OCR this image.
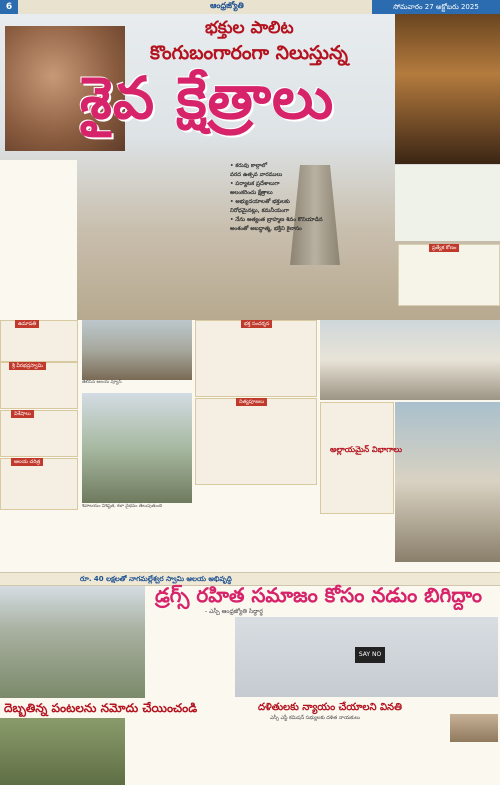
6	ఆంధ్రజ్యోతి	సోమవారం 27 అక్టోబరు 2025
భక్తుల పాలిట
కొంగుబంగారంగా నిలుస్తున్న
శైవ క్షేత్రాలు
• కరువు కాల్గాలో
వరద ఉత్సవ వారములు
• పర్యాటక ప్రదేశాలుగా
అలంకరించు క్షేత్రాలు
• అభ్యుదయాలతో భక్తులకు
నిరోధమైనట్లు, కమనీయంగా
• నేను అత్యంత బ్రాహ్మణ శివం కొనియాడిన
అంశంతో అబద్ధాత్మ, భక్తిని కైలాసం
ప్రత్యేక కోణం
ఉమాపతి
శ్రీ వీరభద్రస్వామి
విశేషాలు
ఆలయ చరిత్ర
తెలిసిన ఆలయ వ్యూస్
భక్త సందర్శన
నిత్యపూజలు
శివాలయం విశిష్టత, కళా వైభవం తెలుపుతుంది
అల్లాయమైన్ విభాగాలు
రూ. 40 లక్షలతో నాగమల్లేశ్వర స్వామి ఆలయ అభివృద్ధి
డ్రగ్స్ రహిత సమాజం కోసం నడుం బిగిద్దాం
- ఎస్పీ ఆంధ్రజ్యోతి సిద్ధార్థ
SAY NO
దెబ్బతిన్న పంటలను నమోదు చేయించండి	దళితులకు న్యాయం చేయాలని వినతి
ఎస్సీ ఎస్టీ కమిషన్ సభ్యులకు దళిత నాయకులు
